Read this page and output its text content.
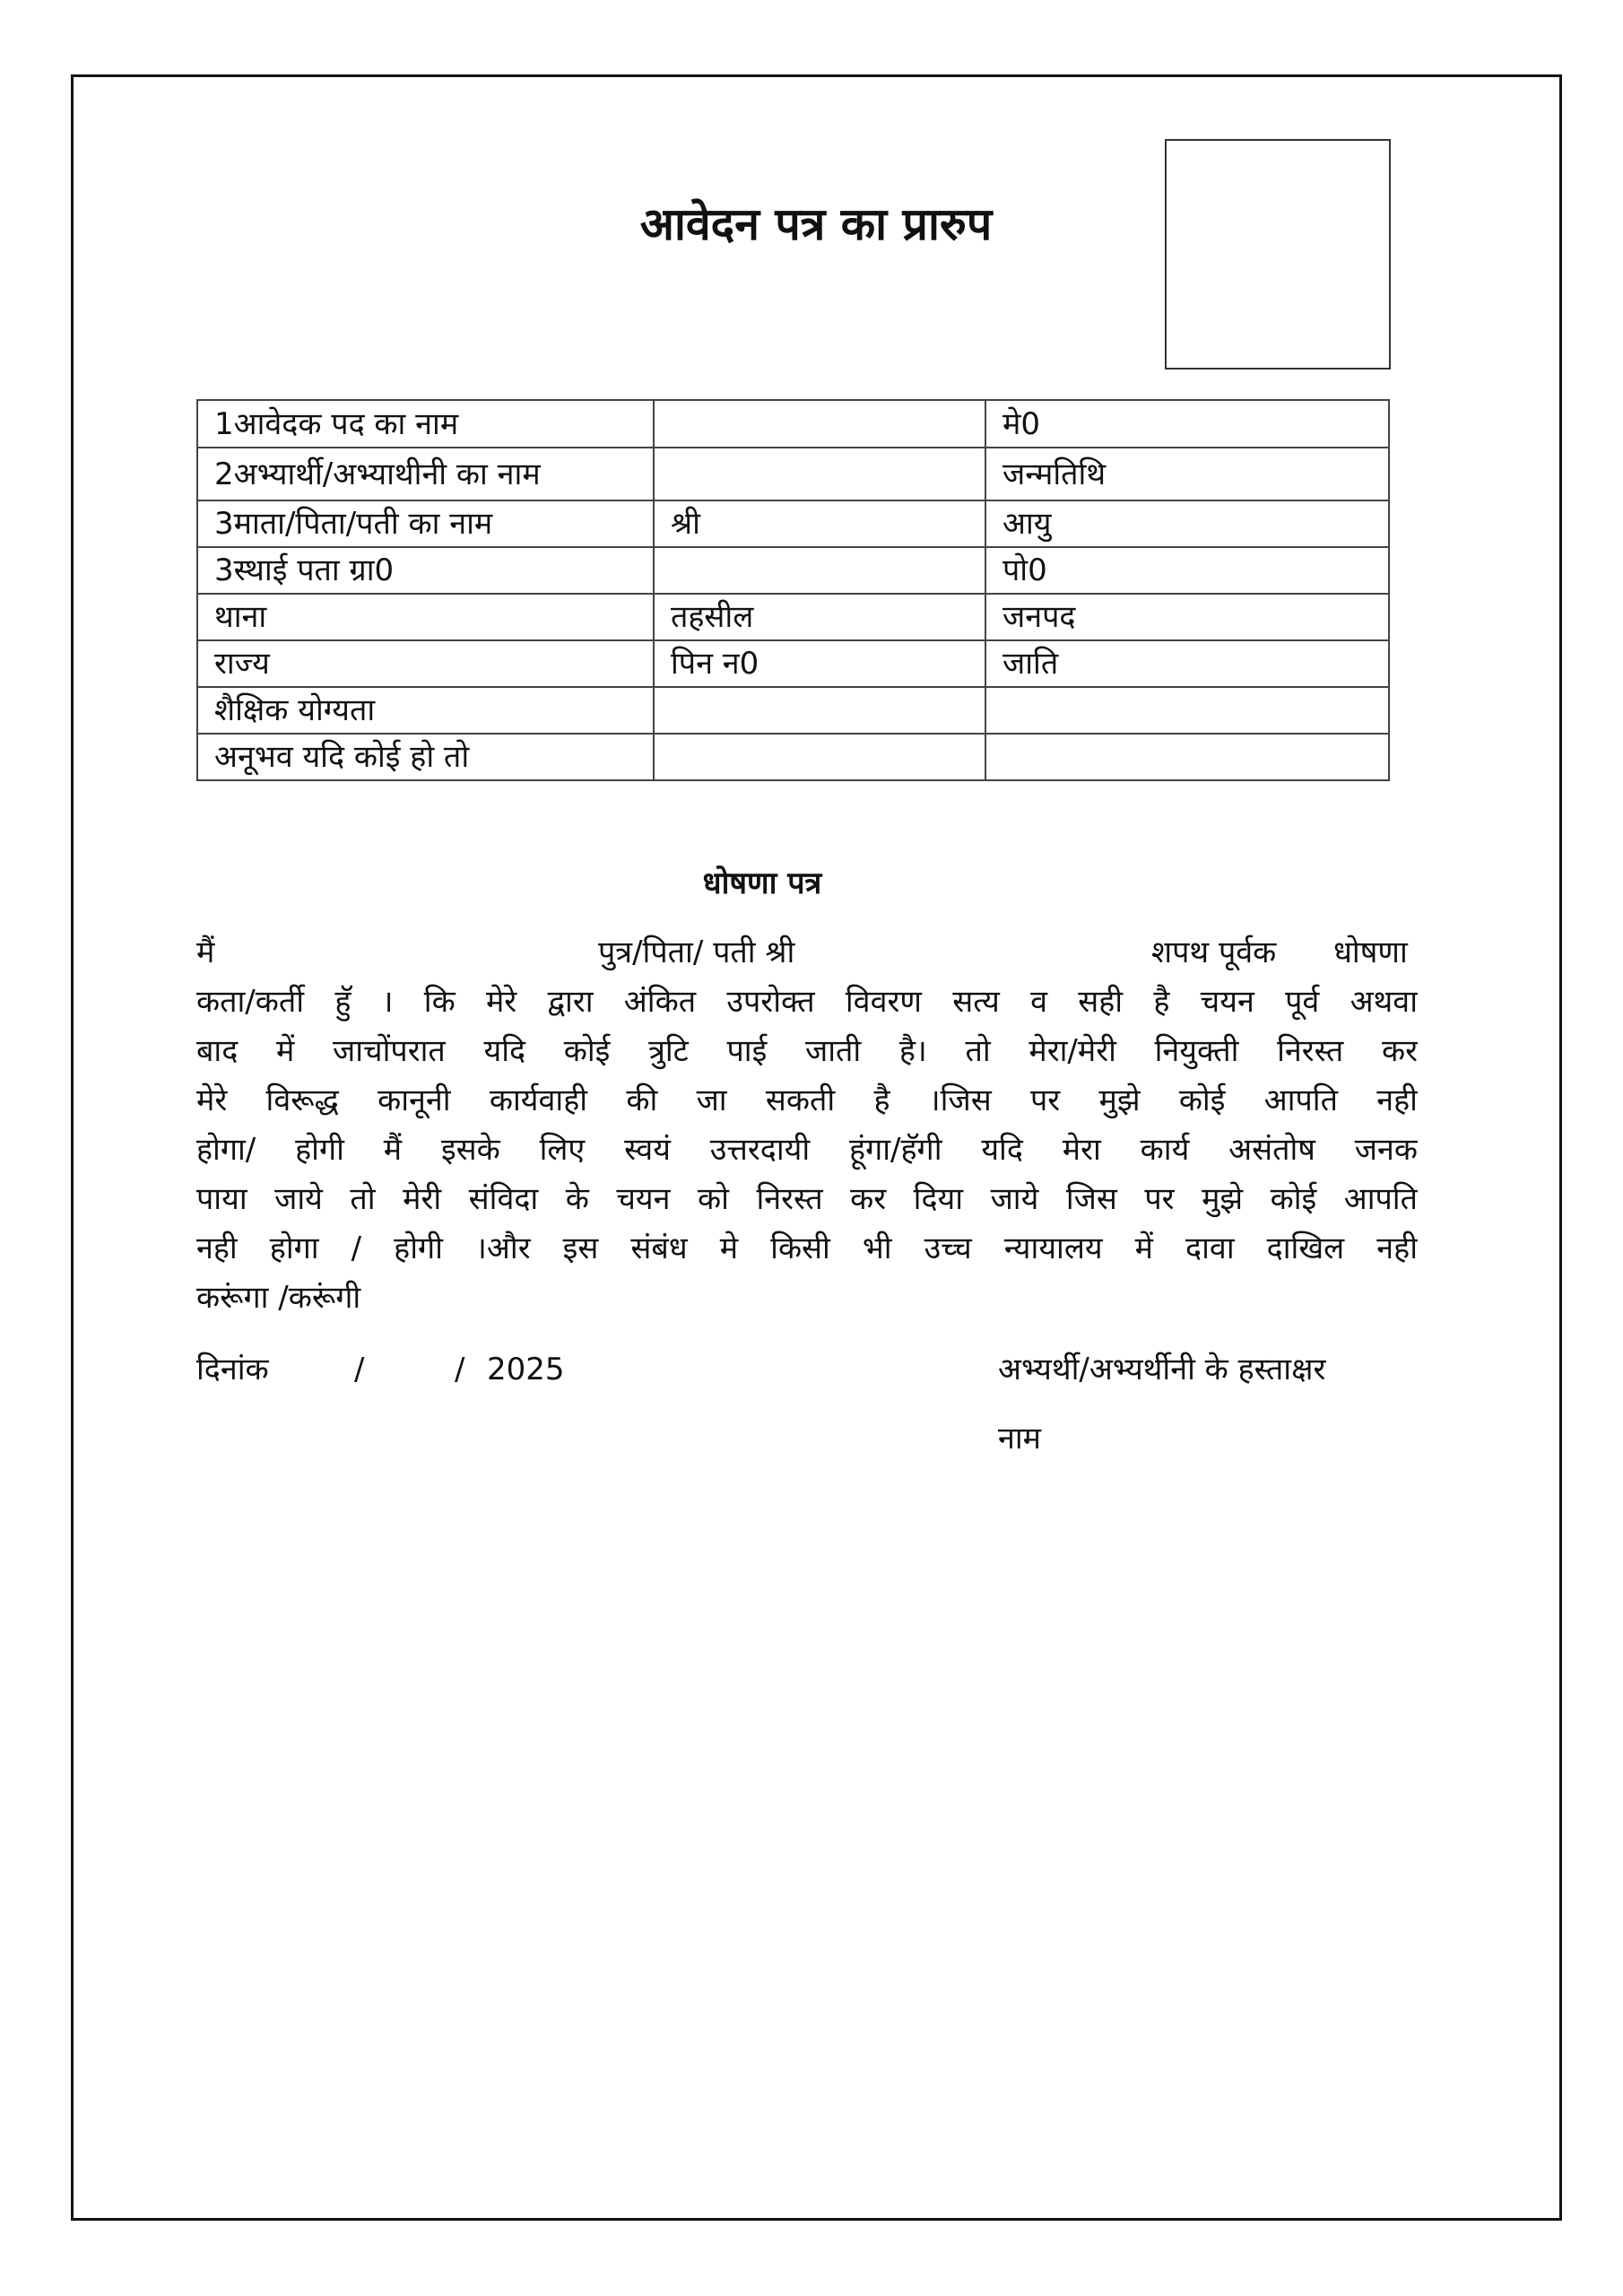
आवेदन पत्र का प्रारुप
1आवेदक पद का नाम		मे0
2अभ्यार्थी/अभ्याथीनी का नाम		जन्मतिथि
3माता/पिता/पती का नाम	श्री	आयु
3स्थाई पता ग्रा0		पो0
थाना	तहसील	जनपद
राज्य	पिन न0	जाति
शैक्षिक योग्यता		
अनूभव यदि कोई हो तो		
धोषणा पत्र
मैं	पुत्र/पिता/ पती श्री	शपथ पूर्वक धोषणा
कता/कर्ती हुॅ । कि मेरे द्वारा अंकित उपरोक्त विवरण सत्य व सही है चयन पूर्व अथवा
बाद में जाचोंपरात यदि कोई त्रुटि पाई जाती है। तो मेरा/मेरी नियुक्ती निरस्त कर
मेरे विरूद्ध कानूनी कार्यवाही की जा सकती है ।जिस पर मुझे कोई आपति नही
होगा/ होगी मैं इसके लिए स्वयं उत्तरदायी हूंगा/हॅगी यदि मेरा कार्य असंतोष जनक
पाया जाये तो मेरी संविदा के चयन को निरस्त कर दिया जाये जिस पर मुझे कोई आपति
नही होगा / होगी ।और इस संबंध मे किसी भी उच्च न्यायालय में दावा दाखिल नही
करूंगा /करूंगी
दिनांक	/	/ 2025	अभ्यर्थी/अभ्यर्थीनी के हस्ताक्षर
नाम
